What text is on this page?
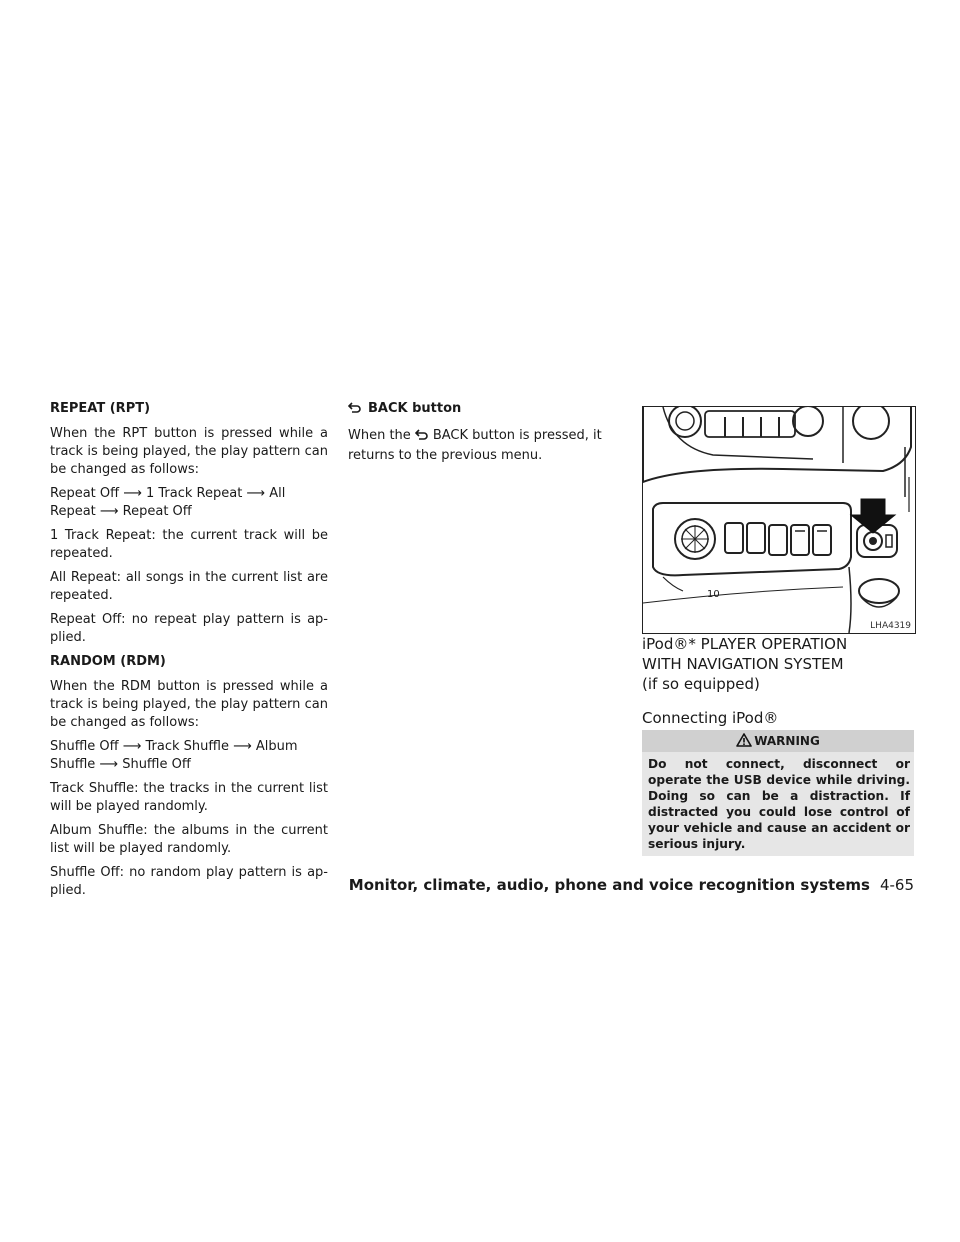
REPEAT (RPT)

When the RPT button is pressed while a track is being played, the play pattern can be changed as follows:

Repeat Off ⟶ 1 Track Repeat ⟶ All Repeat ⟶ Repeat Off

1 Track Repeat: the current track will be repeated.

All Repeat: all songs in the current list are repeated.

Repeat Off: no repeat play pattern is ap-plied.

RANDOM (RDM)

When the RDM button is pressed while a track is being played, the play pattern can be changed as follows:

Shuffle Off ⟶ Track Shuffle ⟶ Album Shuffle ⟶ Shuffle Off

Track Shuffle: the tracks in the current list will be played randomly.

Album Shuffle: the albums in the current list will be played randomly.

Shuffle Off: no random play pattern is ap-plied.

BACK button

When the BACK button is pressed, it returns to the previous menu.

10
LHA4319
iPod®* PLAYER OPERATION
WITH NAVIGATION SYSTEM
(if so equipped)
Connecting iPod®
WARNING
Do not connect, disconnect or operate the USB device while driving. Doing so can be a distraction. If distracted you could lose control of your vehicle and cause an accident or serious injury.
Monitor, climate, audio, phone and voice recognition systems 4-65
